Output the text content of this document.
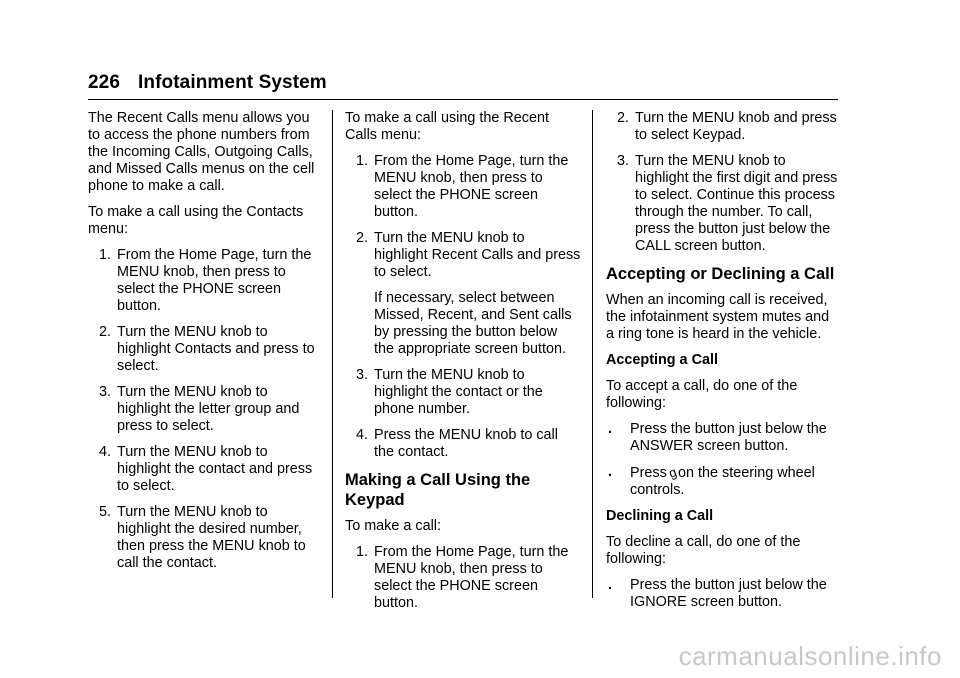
226 Infotainment System

The Recent Calls menu allows you to access the phone numbers from the Incoming Calls, Outgoing Calls, and Missed Calls menus on the cell phone to make a call.

To make a call using the Contacts menu:

1. From the Home Page, turn the MENU knob, then press to select the PHONE screen button.
2. Turn the MENU knob to highlight Contacts and press to select.
3. Turn the MENU knob to highlight the letter group and press to select.
4. Turn the MENU knob to highlight the contact and press to select.
5. Turn the MENU knob to highlight the desired number, then press the MENU knob to call the contact.

To make a call using the Recent Calls menu:

1. From the Home Page, turn the MENU knob, then press to select the PHONE screen button.
2. Turn the MENU knob to highlight Recent Calls and press to select.

If necessary, select between Missed, Recent, and Sent calls by pressing the button below the appropriate screen button.

3. Turn the MENU knob to highlight the contact or the phone number.
4. Press the MENU knob to call the contact.
Making a Call Using the Keypad

To make a call:

1. From the Home Page, turn the MENU knob, then press to select the PHONE screen button.
2. Turn the MENU knob and press to select Keypad.
3. Turn the MENU knob to highlight the first digit and press to select. Continue this process through the number. To call, press the button just below the CALL screen button.
Accepting or Declining a Call

When an incoming call is received, the infotainment system mutes and a ring tone is heard in the vehicle.

Accepting a Call

To accept a call, do one of the following:

.	Press the button just below the ANSWER screen button.
.	Pressgon the steering wheel controls.
Declining a Call

To decline a call, do one of the following:

.	Press the button just below the IGNORE screen button.
carmanualsonline.info
